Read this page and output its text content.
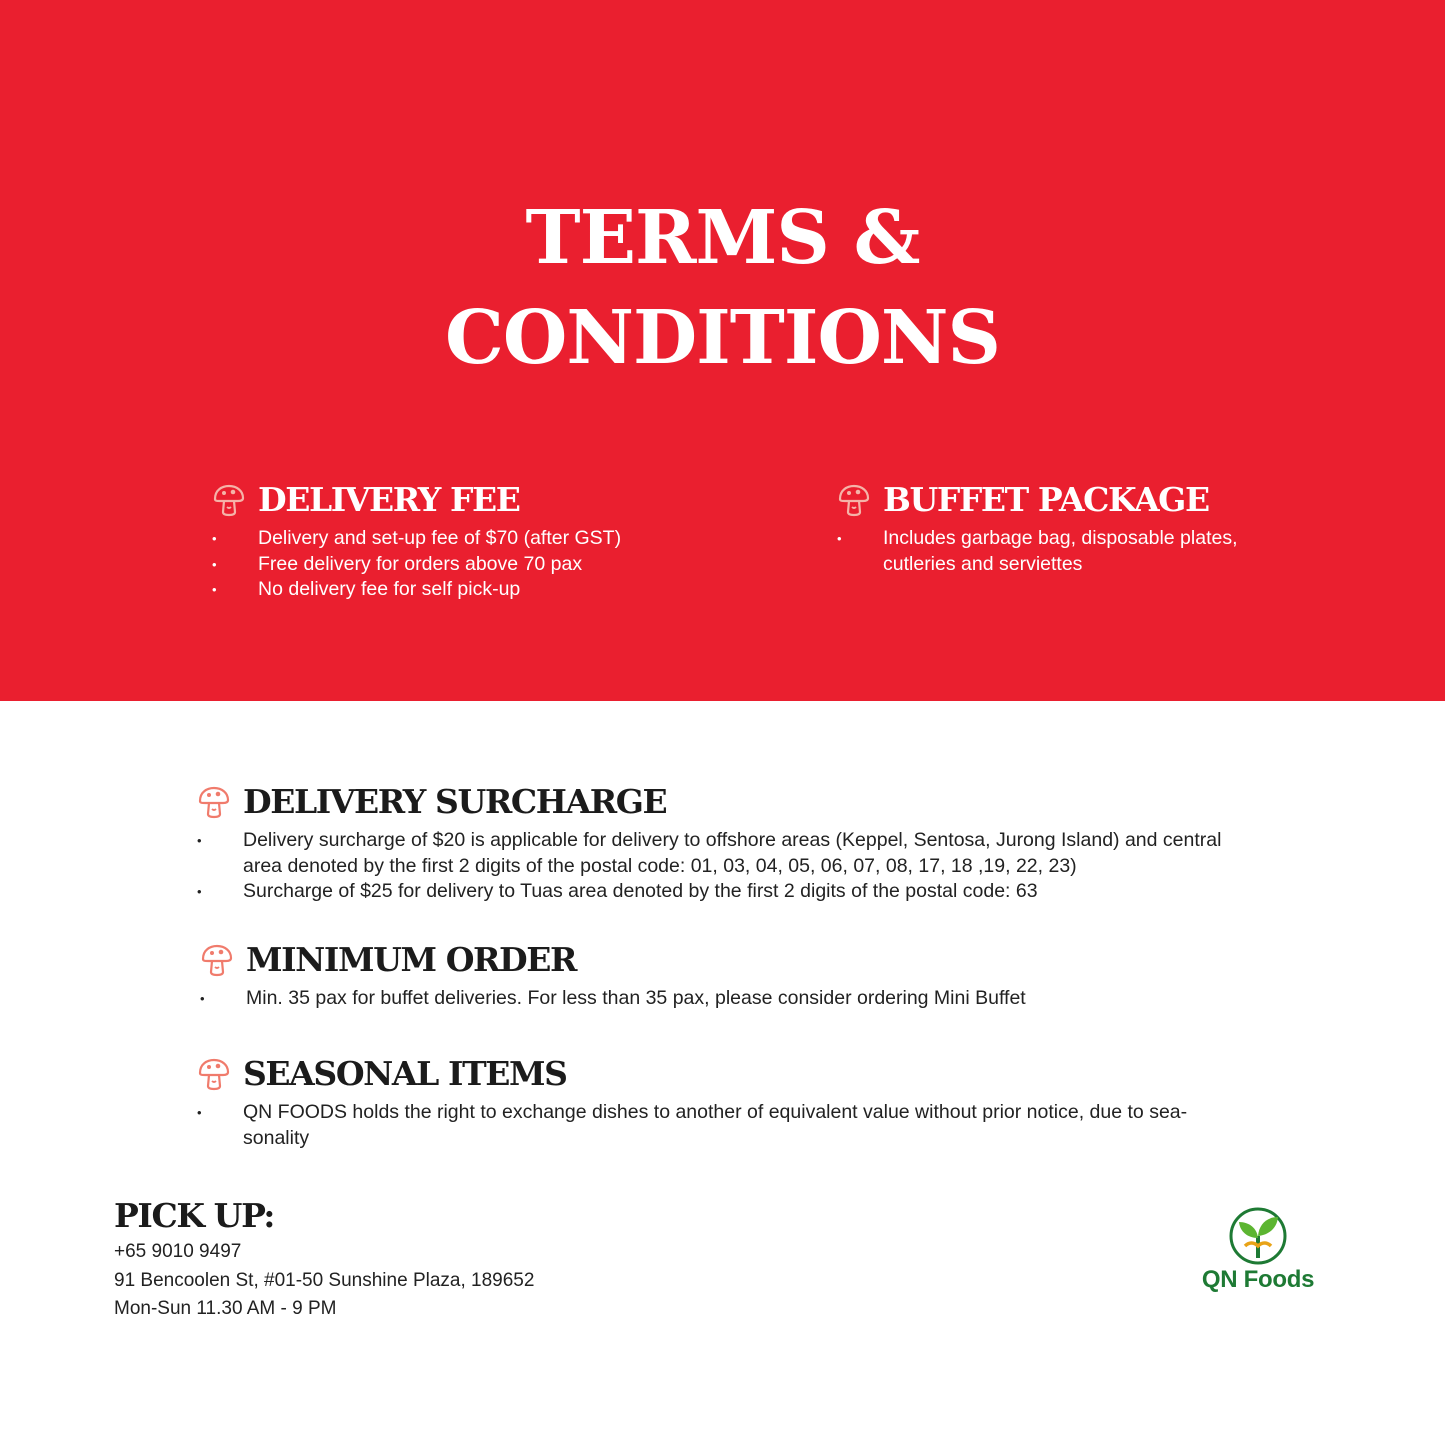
TERMS &
CONDITIONS
DELIVERY FEE
• Delivery and set-up fee of $70 (after GST)
• Free delivery for orders above 70 pax
• No delivery fee for self pick-up
BUFFET PACKAGE
• Includes garbage bag, disposable plates, cutleries and serviettes
DELIVERY SURCHARGE
• Delivery surcharge of $20 is applicable for delivery to offshore areas (Keppel, Sentosa, Jurong Island) and central area denoted by the first 2 digits of the postal code: 01, 03, 04, 05, 06, 07, 08, 17, 18 ,19, 22, 23)
• Surcharge of $25 for delivery to Tuas area denoted by the first 2 digits of the postal code: 63
MINIMUM ORDER
• Min. 35 pax for buffet deliveries. For less than 35 pax, please consider ordering Mini Buffet
SEASONAL ITEMS
• QN FOODS holds the right to exchange dishes to another of equivalent value without prior notice, due to sea-sonality
PICK UP:
+65 9010 9497
91 Bencoolen St, #01-50 Sunshine Plaza, 189652
Mon-Sun 11.30 AM - 9 PM
QN Foods
